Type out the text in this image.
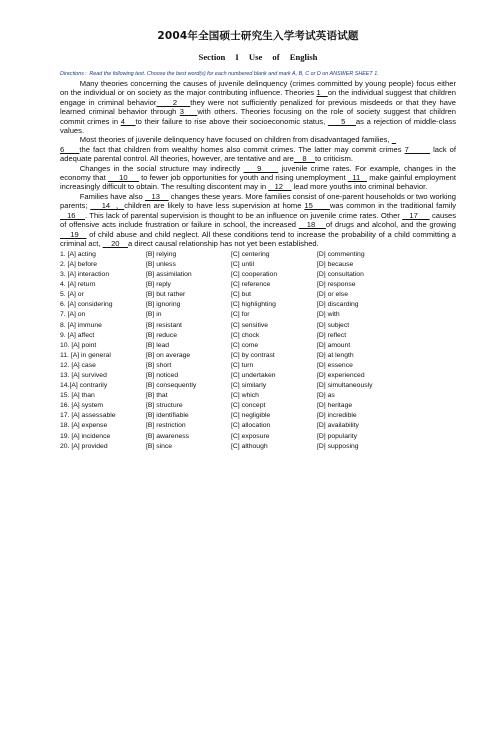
2004年全国硕士研究生入学考试英语试题
Section I Use of English
Directions：Read the following text. Choose the best word(s) for each numbered blank and mark A, B, C or D on ANSWER SHEET 1.

Many theories concerning the causes of juvenile delinquency (crimes committed by young people) focus either on the individual or on society as the major contributing influence. Theories 1   on the individual suggest that children engage in criminal behavior     2    they were not sufficiently penalized for previous misdeeds or that they have learned criminal behavior through 3    with others. Theories focusing on the role of society suggest that children commit crimes in 4    to their failure to rise above their socioeconomic status,      5    as a rejection of middle-class values.

Most theories of juvenile delinquency have focused on children from disadvantaged families,
6     the fact that children from wealthy homes also commit crimes. The latter may commit crimes 7        lack of adequate parental control. All theories, however, are tentative and are    8    to criticism.

Changes in the social structure may indirectly     9      juvenile crime rates. For example, changes in the economy that      10      to fewer job opportunities for youth and rising unemployment   11    make gainful employment increasingly difficult to obtain. The resulting discontent may in    12     lead more youths into criminal behavior.

Families have also    13     changes these years. More families consist of one-parent households or two working parents;     14  ，children are likely to have less supervision at home 15      was common in the traditional family    16    . This lack of parental supervision is thought to be an influence on juvenile crime rates. Other    17      causes of offensive acts include frustration or failure in school, the increased    18    of drugs and alcohol, and the growing     19    of child abuse and child neglect. All these conditions tend to increase the probability of a child committing a criminal act,     20    a direct causal relationship has not yet been established.

1. [A] acting	[B] relying	[C] centering	[D] commenting
2. [A] before	[B] unless	[C] until	[D] because
3. [A] interaction	[B] assimilation	[C] cooperation	[D] consultation
4. [A] return	[B] reply	[C] reference	[D] response
5. [A] or	[B] but rather	[C] but	[D] or else
6. [A] considering	[B] ignoring	[C] highlighting	[D] discarding
7. [A] on	[B] in	[C] for	[D] with
8. [A] immune	[B] resistant	[C] sensitive	[D] subject
9. [A] affect	[B] reduce	[C] chock	[D] reflect
10. [A] point	[B] lead	[C] come	[D] amount
11. [A] in general	[B] on average	[C] by contrast	[D] at length
12. [A] case	[B] short	[C] turn	[D] essence
13. [A] survived	[B] noticed	[C] undertaken	[D] experienced
14.[A] contrarily	[B] consequently	[C] similarly	[D] simultaneously
15. [A] than	[B] that	[C] which	[D] as
16. [A] system	[B] structure	[C] concept	[D] heritage
17. [A] assessable	[B] identifiable	[C] negligible	[D] incredible
18. [A] expense	[B] restriction	[C] allocation	[D] availability
19. [A] incidence	[B] awareness	[C] exposure	[D] popularity
20. [A] provided	[B] since	[C] although	[D] supposing
